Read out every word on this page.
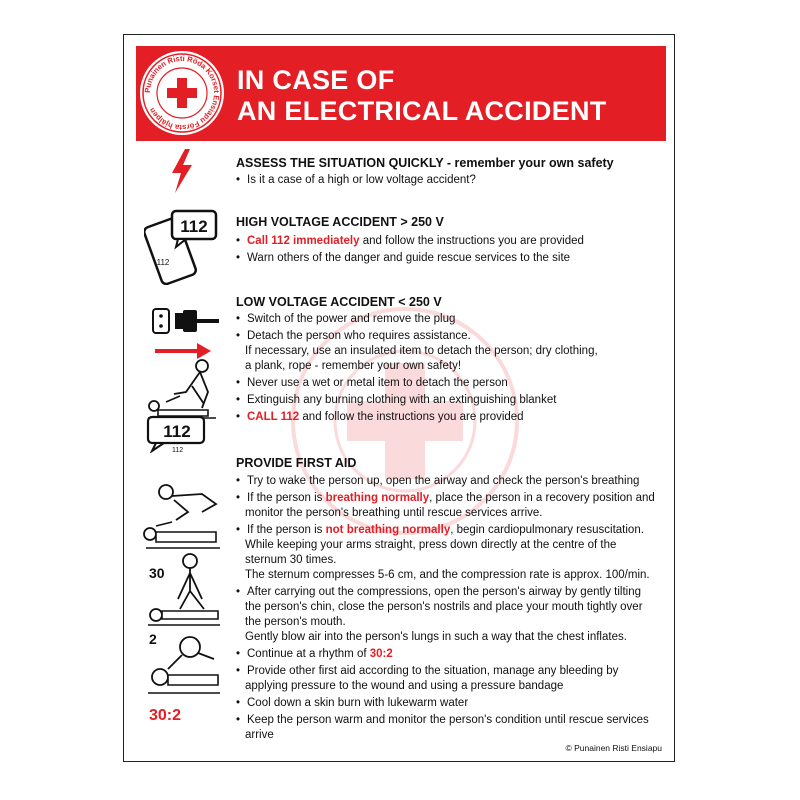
Punainen Risti Röda Korset Ensiapu Första hjälpen
IN CASE OF
AN ELECTRICAL ACCIDENT
112
112
112
112
30
2
30:2
ASSESS THE SITUATION QUICKLY - remember your own safety
• Is it a case of a high or low voltage accident?
HIGH VOLTAGE ACCIDENT > 250 V
• Call 112 immediately and follow the instructions you are provided
• Warn others of the danger and guide rescue services to the site
LOW VOLTAGE ACCIDENT < 250 V
• Switch of the power and remove the plug
• Detach the person who requires assistance.
If necessary, use an insulated item to detach the person; dry clothing,
a plank, rope - remember your own safety!
• Never use a wet or metal item to detach the person
• Extinguish any burning clothing with an extinguishing blanket
• CALL 112 and follow the instructions you are provided
PROVIDE FIRST AID
• Try to wake the person up, open the airway and check the person's breathing
• If the person is breathing normally, place the person in a recovery position and
monitor the person's breathing until rescue services arrive.
• If the person is not breathing normally, begin cardiopulmonary resuscitation.
While keeping your arms straight, press down directly at the centre of the
sternum 30 times.
The sternum compresses 5-6 cm, and the compression rate is approx. 100/min.
• After carrying out the compressions, open the person's airway by gently tilting
the person's chin, close the person's nostrils and place your mouth tightly over
the person's mouth.
Gently blow air into the person's lungs in such a way that the chest inflates.
• Continue at a rhythm of 30:2
• Provide other first aid according to the situation, manage any bleeding by
applying pressure to the wound and using a pressure bandage
• Cool down a skin burn with lukewarm water
• Keep the person warm and monitor the person's condition until rescue services
arrive
© Punainen Risti Ensiapu
